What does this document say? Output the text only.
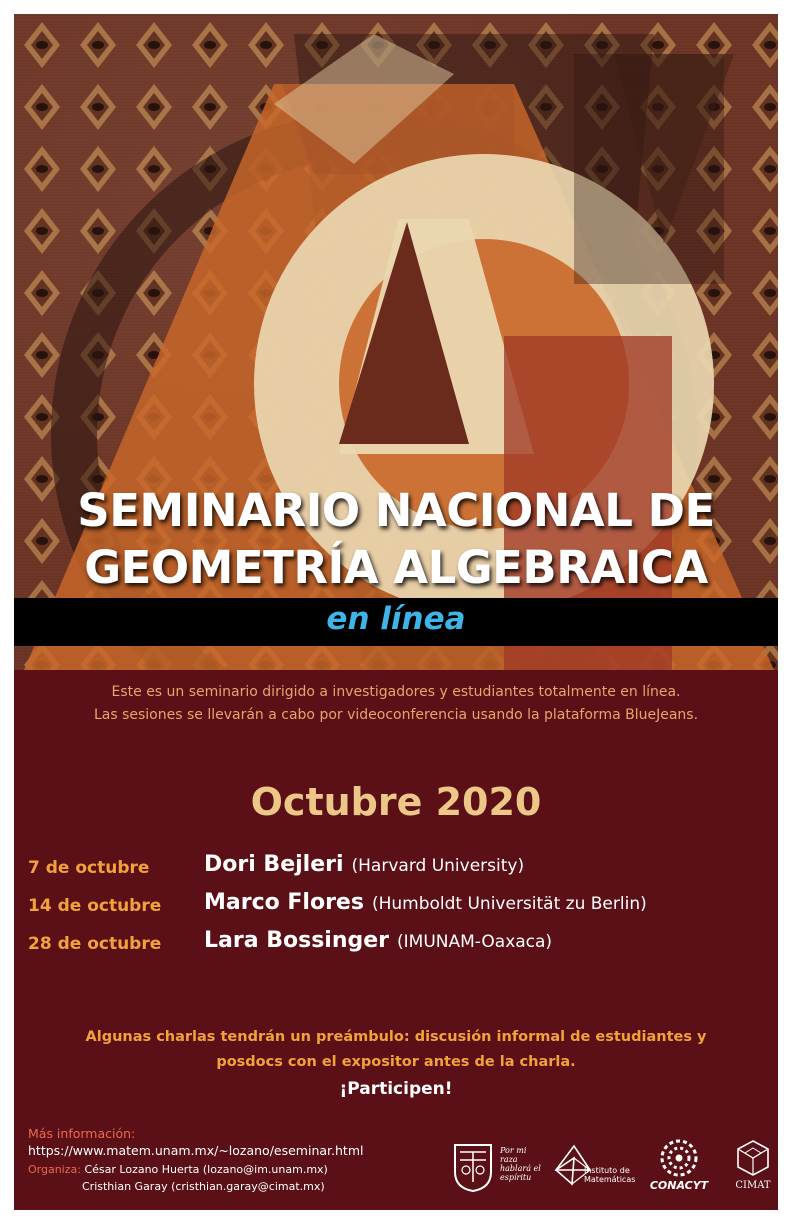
SEMINARIO NACIONAL DE
GEOMETRÍA ALGEBRAICA
en línea
Este es un seminario dirigido a investigadores y estudiantes totalmente en línea.
Las sesiones se llevarán a cabo por videoconferencia usando la plataforma BlueJeans.
Octubre 2020
7 de octubre Dori Bejleri (Harvard University)
14 de octubre Marco Flores (Humboldt Universität zu Berlin)
28 de octubre Lara Bossinger (IMUNAM-Oaxaca)
Algunas charlas tendrán un preámbulo: discusión informal de estudiantes y
posdocs con el expositor antes de la charla.
¡Participen!
Más información:
https://www.matem.unam.mx/~lozano/eseminar.html
Organiza: César Lozano Huerta (lozano@im.unam.mx)
Cristhian Garay (cristhian.garay@cimat.mx)
Por mi raza hablará el espíritu
Instituto de
Matemáticas CONACYT	CIMAT
